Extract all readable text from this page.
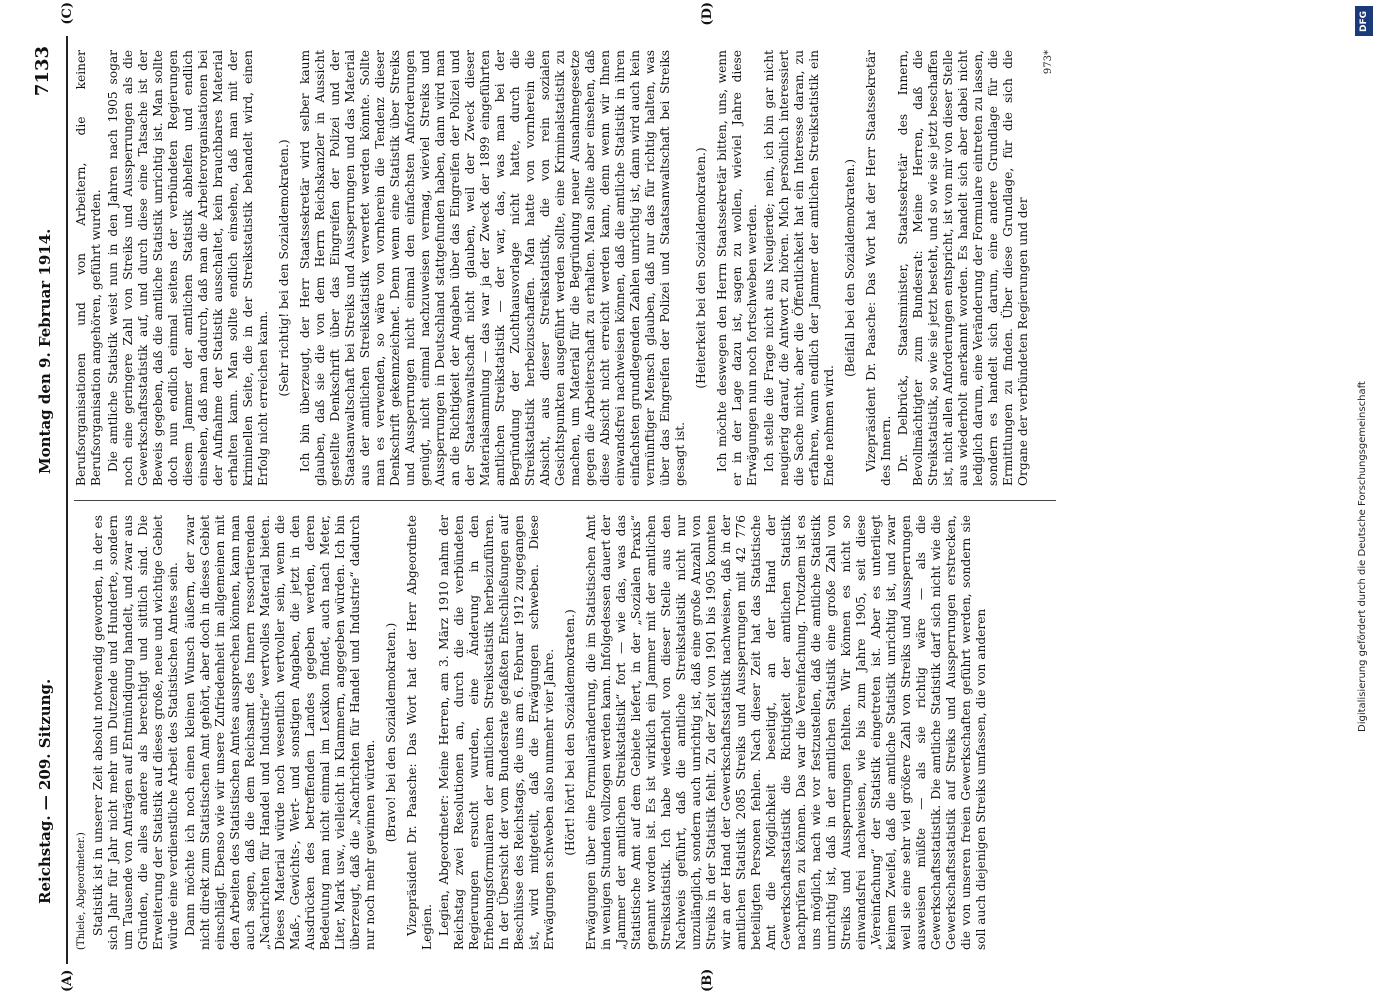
Reichstag. — 209. Sitzung.
Montag den 9. Februar 1914.
7133

(Thiele, Abgeordneter.) Statistik ist in unserer Zeit absolut notwendig geworden, in der es sich Jahr für Jahr nicht mehr um Dutzende und Hunderte, sondern um Tausende von Anträgen auf Entmündigung handelt, und zwar aus Gründen, die alles andere als berechtigt und sittlich sind. Die Erweiterung der Statistik auf dieses große, neue und wichtige Gebiet würde eine verdienstliche Arbeit des Statistischen Amtes sein. Dann möchte ich noch einen kleinen Wunsch äußern, der zwar nicht direkt zum Statistischen Amt gehört, aber doch in dieses Gebiet einschlägt. Ebenso wie wir unsere Zufriedenheit im allgemeinen mit den Arbeiten des Statistischen Amtes aussprechen können, kann man auch sagen, daß die dem Reichsamt des Innern ressortierenden „Nachrichten für Handel und Industrie“ wertvolles Material bieten. Dieses Material würde noch wesentlich wertvoller sein, wenn die Maß-, Gewichts-, Wert- und sonstigen Angaben, die jetzt in den Ausdrücken des betreffenden Landes gegeben werden, deren Bedeutung man nicht einmal im Lexikon findet, auch nach Meter, Liter, Mark usw., vielleicht in Klammern, angegeben würden. Ich bin überzeugt, daß die „Nachrichten für Handel und Industrie“ dadurch nur noch mehr gewinnen würden.

(Bravo! bei den Sozialdemokraten.) Vizepräsident Dr. Paasche: Das Wort hat der Herr Abgeordnete Legien. Legien, Abgeordneter: Meine Herren, am 3. März 1910 nahm der Reichstag zwei Resolutionen an, durch die die verbündeten Regierungen ersucht wurden, eine Änderung in den Erhebungsformularen der amtlichen Streikstatistik herbeizuführen. In der Übersicht der vom Bundesrate gefaßten Entschließungen auf Beschlüsse des Reichstags, die uns am 6. Februar 1912 zugegangen ist, wird mitgeteilt, daß die Erwägungen schweben. Diese Erwägungen schweben also nunmehr vier Jahre. (Hört! hört! bei den Sozialdemokraten.) Erwägungen über eine Formularänderung, die im Statistischen Amt in wenigen Stunden vollzogen werden kann. Infolgedessen dauert der „Jammer der amtlichen Streikstatistik“ fort — wie das, was das Statistische Amt auf dem Gebiete liefert, in der „Sozialen Praxis“ genannt worden ist. Es ist wirklich ein Jammer mit der amtlichen Streikstatistik. Ich habe wiederholt von dieser Stelle aus den Nachweis geführt, daß die amtliche Streikstatistik nicht nur unzulänglich, sondern auch unrichtig ist, daß eine große Anzahl von Streiks in der Statistik fehlt. Zu der Zeit von 1901 bis 1905 konnten wir an der Hand der Gewerkschaftsstatistik nachweisen, daß in der amtlichen Statistik 2085 Streiks und Aussperrungen mit 42 776 beteiligten Personen fehlen. Nach dieser Zeit hat das Statistische Amt die Möglichkeit beseitigt, an der Hand der Gewerkschaftsstatistik die Richtigkeit der amtlichen Statistik nachprüfen zu können. Das war die Vereinfachung. Trotzdem ist es uns möglich, nach wie vor festzustellen, daß die amtliche Statistik unrichtig ist, daß in der amtlichen Statistik eine große Zahl von Streiks und Aussperrungen fehlten. Wir können es nicht so einwandsfrei nachweisen, wie bis zum Jahre 1905, seit diese „Vereinfachung“ der Statistik eingetreten ist. Aber es unterliegt keinem Zweifel, daß die amtliche Statistik unrichtig ist, und zwar weil sie eine sehr viel größere Zahl von Streiks und Aussperrungen ausweisen müßte — als sie richtig wäre — als die Gewerkschaftsstatistik. Die amtliche Statistik darf sich nicht wie die Gewerkschaftsstatistik auf Streiks und Aussperrungen erstrecken, die von unseren freien Gewerkschaften geführt werden, sondern sie soll auch diejenigen Streiks umfassen, die von anderen

Berufsorganisationen und von Arbeitern, die keiner Berufsorganisation angehören, geführt wurden. Die amtliche Statistik weist nun in den Jahren nach 1905 sogar noch eine geringere Zahl von Streiks und Aussperrungen als die Gewerkschaftsstatistik auf, und durch diese eine Tatsache ist der Beweis gegeben, daß die amtliche Statistik unrichtig ist. Man sollte doch nun endlich einmal seitens der verbündeten Regierungen diesem Jammer der amtlichen Statistik abhelfen und endlich einsehen, daß man dadurch, daß man die Arbeiterorganisationen bei der Aufnahme der Statistik ausschaltet, kein brauchbares Material erhalten kann. Man sollte endlich einsehen, daß man mit der kriminellen Seite, die in der Streikstatistik behandelt wird, einen Erfolg nicht erreichen kann.

(Sehr richtig! bei den Sozialdemokraten.) Ich bin überzeugt, der Herr Staatssekretär wird selber kaum glauben, daß sie die von dem Herrn Reichskanzler in Aussicht gestellte Denkschrift über das Eingreifen der Polizei und der Staatsanwaltschaft bei Streiks und Aussperrungen und das Material aus der amtlichen Streikstatistik verwertet werden könnte. Sollte man es verwenden, so wäre von vornherein die Tendenz dieser Denkschrift gekennzeichnet. Denn wenn eine Statistik über Streiks und Aussperrungen nicht einmal den einfachsten Anforderungen genügt, nicht einmal nachzuweisen vermag, wieviel Streiks und Aussperrungen in Deutschland stattgefunden haben, dann wird man an die Richtigkeit der Angaben über das Eingreifen der Polizei und der Staatsanwaltschaft nicht glauben, weil der Zweck dieser Materialsammlung — das war ja der Zweck der 1899 eingeführten amtlichen Streikstatistik — der war, das, was man bei der Begründung der Zuchthausvorlage nicht hatte, durch die Streikstatistik herbeizuschaffen. Man hatte von vornherein die Absicht, aus dieser Streikstatistik, die von rein sozialen Gesichtspunkten ausgeführt werden sollte, eine Kriminalstatistik zu machen, um Material für die Begründung neuer Ausnahmegesetze gegen die Arbeiterschaft zu erhalten. Man sollte aber einsehen, daß diese Absicht nicht erreicht werden kann, denn wenn wir Ihnen einwandsfrei nachweisen können, daß die amtliche Statistik in ihren einfachsten grundlegenden Zahlen unrichtig ist, dann wird auch kein vernünftiger Mensch glauben, daß nur das für richtig halten, was über das Eingreifen der Polizei und Staatsanwaltschaft bei Streiks gesagt ist.

(Heiterkeit bei den Sozialdemokraten.) Ich möchte deswegen den Herrn Staatssekretär bitten, uns, wenn er in der Lage dazu ist, sagen zu wollen, wieviel Jahre diese Erwägungen nun noch fortschweben werden. Ich stelle die Frage nicht aus Neugierde; nein, ich bin gar nicht neugierig darauf, die Antwort zu hören. Mich persönlich interessiert die Sache nicht, aber die Öffentlichkeit hat ein Interesse daran, zu erfahren, wann endlich der Jammer der amtlichen Streikstatistik ein Ende nehmen wird.

(Beifall bei den Sozialdemokraten.) Vizepräsident Dr. Paasche: Das Wort hat der Herr Staatssekretär des Innern. Dr. Delbrück, Staatsminister, Staatssekretär des Innern, Bevollmächtigter zum Bundesrat: Meine Herren, daß die Streikstatistik, so wie sie jetzt besteht, und so wie sie jetzt beschaffen ist, nicht allen Anforderungen entspricht, ist von mir von dieser Stelle aus wiederholt anerkannt worden. Es handelt sich aber dabei nicht lediglich darum, eine Veränderung der Formulare eintreten zu lassen, sondern es handelt sich darum, eine andere Grundlage für die Ermittlungen zu finden. Über diese Grundlage, für die sich die Organe der verbündeten Regierungen und der

973*
(A)	(B)
(C)	(D)	DFG
Digitalisierung gefördert durch die Deutsche Forschungsgemeinschaft
